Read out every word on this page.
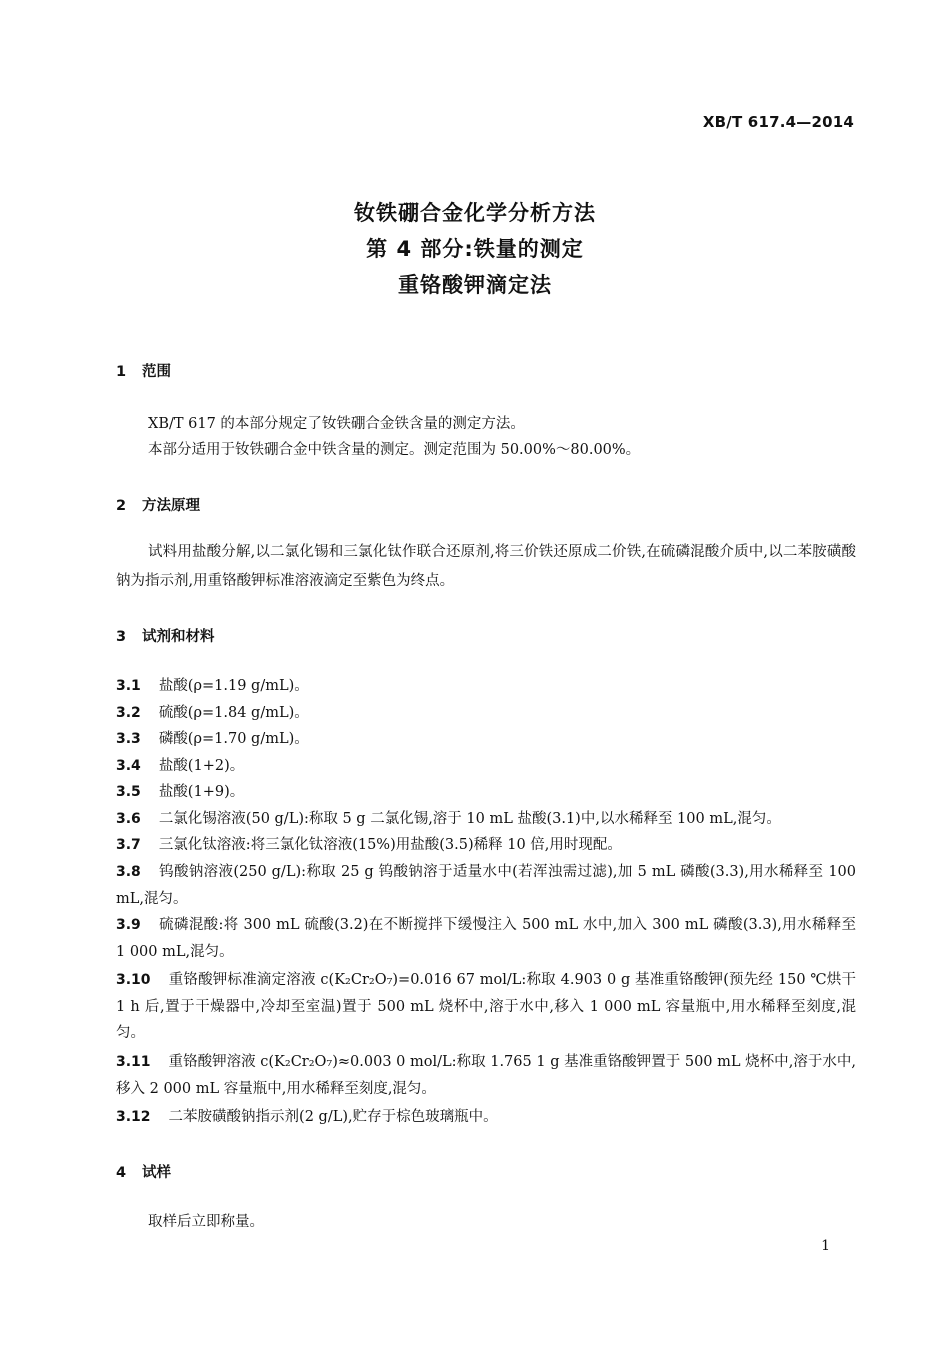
XB/T 617.4—2014
钕铁硼合金化学分析方法
第 4 部分:铁量的测定
重铬酸钾滴定法
1 范围
XB/T 617 的本部分规定了钕铁硼合金铁含量的测定方法。
本部分适用于钕铁硼合金中铁含量的测定。测定范围为 50.00%～80.00%。
2 方法原理
试料用盐酸分解,以二氯化锡和三氯化钛作联合还原剂,将三价铁还原成二价铁,在硫磷混酸介质中,以二苯胺磺酸钠为指示剂,用重铬酸钾标准溶液滴定至紫色为终点。
3 试剂和材料
3.1 盐酸(ρ=1.19 g/mL)。
3.2 硫酸(ρ=1.84 g/mL)。
3.3 磷酸(ρ=1.70 g/mL)。
3.4 盐酸(1+2)。
3.5 盐酸(1+9)。
3.6 二氯化锡溶液(50 g/L):称取 5 g 二氯化锡,溶于 10 mL 盐酸(3.1)中,以水稀释至 100 mL,混匀。
3.7 三氯化钛溶液:将三氯化钛溶液(15%)用盐酸(3.5)稀释 10 倍,用时现配。
3.8 钨酸钠溶液(250 g/L):称取 25 g 钨酸钠溶于适量水中(若浑浊需过滤),加 5 mL 磷酸(3.3),用水稀释至 100 mL,混匀。
3.9 硫磷混酸:将 300 mL 硫酸(3.2)在不断搅拌下缓慢注入 500 mL 水中,加入 300 mL 磷酸(3.3),用水稀释至 1 000 mL,混匀。
3.10 重铬酸钾标准滴定溶液 c(K₂Cr₂O₇)=0.016 67 mol/L:称取 4.903 0 g 基准重铬酸钾(预先经 150 ℃烘干 1 h 后,置于干燥器中,冷却至室温)置于 500 mL 烧杯中,溶于水中,移入 1 000 mL 容量瓶中,用水稀释至刻度,混匀。
3.11 重铬酸钾溶液 c(K₂Cr₂O₇)≈0.003 0 mol/L:称取 1.765 1 g 基准重铬酸钾置于 500 mL 烧杯中,溶于水中,移入 2 000 mL 容量瓶中,用水稀释至刻度,混匀。
3.12 二苯胺磺酸钠指示剂(2 g/L),贮存于棕色玻璃瓶中。
4 试样
取样后立即称量。
1
